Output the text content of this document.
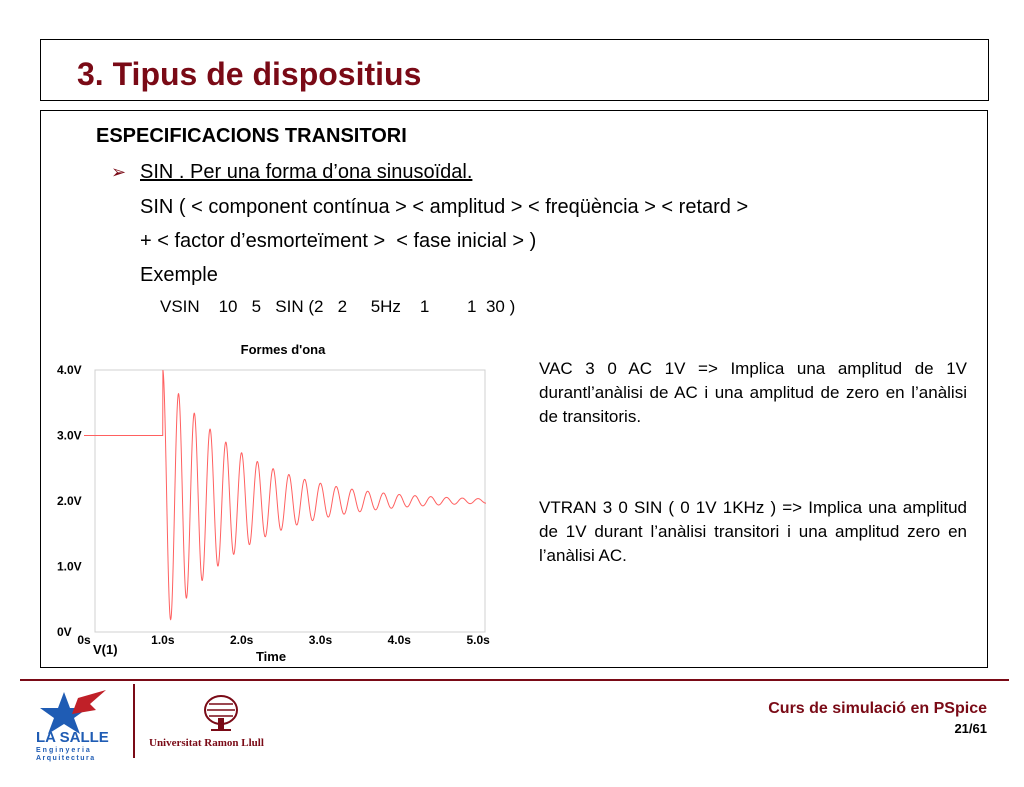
3. Tipus de dispositius

ESPECIFICACIONS TRANSITORI

➢ SIN . Per una forma d’ona sinusoïdal.
SIN ( < component contínua > < amplitud > < freqüència > < retard >
+ < factor d’esmorteïment >  < fase inicial > )
Exemple
VSIN    10   5   SIN (2   2     5Hz    1        1  30 )
VAC 3 0 AC 1V => Implica una amplitud de 1V durantl’anàlisi de AC i una amplitud de zero en l’anàlisi de transitoris.
VTRAN 3 0 SIN ( 0 1V 1KHz ) => Implica una amplitud de 1V durant l’anàlisi transitori i una amplitud zero en l’anàlisi AC.
Formes d'ona
0V
1.0V
2.0V
3.0V
4.0V
0s	1.0s	2.0s	3.0s	4.0s	5.0s
V(1)	Time
LA SALLE
Enginyeria
Arquitectura
Universitat Ramon Llull
Curs de simulació en PSpice
21/61
